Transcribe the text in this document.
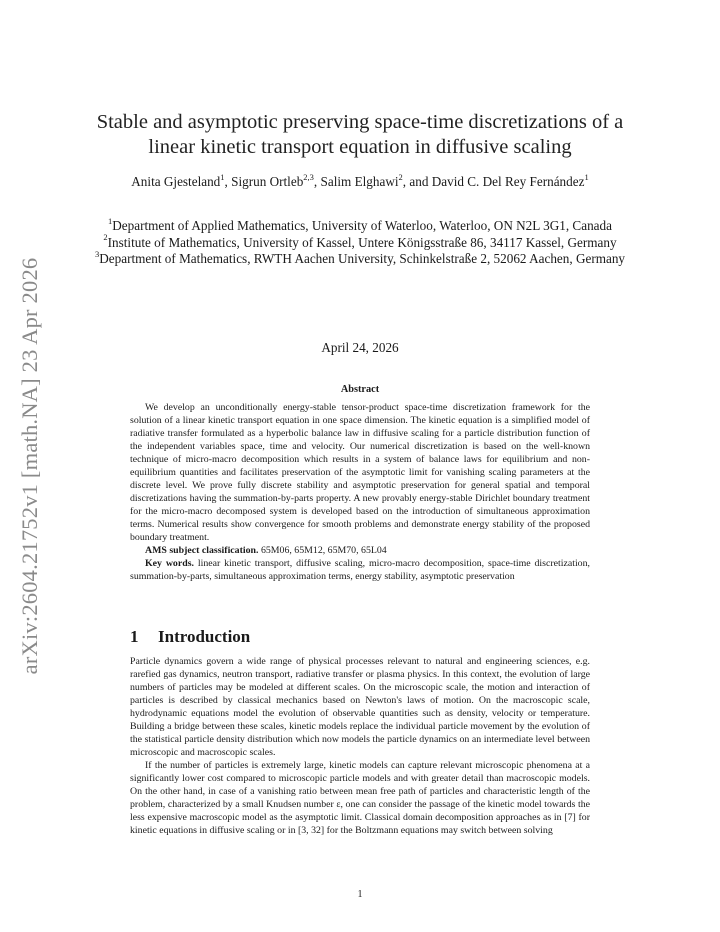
arXiv:2604.21752v1 [math.NA] 23 Apr 2026
Stable and asymptotic preserving space-time discretizations of a linear kinetic transport equation in diffusive scaling
Anita Gjesteland$^1$, Sigrun Ortleb$^{2,3}$, Salim Elghawi$^2$, and David C. Del Rey Fernández$^1$

$^1$Department of Applied Mathematics, University of Waterloo, Waterloo, ON N2L 3G1, Canada

$^2$Institute of Mathematics, University of Kassel, Untere Königsstraße 86, 34117 Kassel, Germany

$^3$Department of Mathematics, RWTH Aachen University, Schinkelstraße 2, 52062 Aachen, Germany

April 24, 2026
Abstract

We develop an unconditionally energy-stable tensor-product space-time discretization framework for the solution of a linear kinetic transport equation in one space dimension. The kinetic equation is a simplified model of radiative transfer formulated as a hyperbolic balance law in diffusive scaling for a particle distribution function of the independent variables space, time and velocity. Our numerical discretization is based on the well-known technique of micro-macro decomposition which results in a system of balance laws for equilibrium and non-equilibrium quantities and facilitates preservation of the asymptotic limit for vanishing scaling parameters at the discrete level. We prove fully discrete stability and asymptotic preservation for general spatial and temporal discretizations having the summation-by-parts property. A new provably energy-stable Dirichlet boundary treatment for the micro-macro decomposed system is developed based on the introduction of simultaneous approximation terms. Numerical results show convergence for smooth problems and demonstrate energy stability of the proposed boundary treatment.

AMS subject classification. 65M06, 65M12, 65M70, 65L04

Key words. linear kinetic transport, diffusive scaling, micro-macro decomposition, space-time discretization, summation-by-parts, simultaneous approximation terms, energy stability, asymptotic preservation

1 Introduction

Particle dynamics govern a wide range of physical processes relevant to natural and engineering sciences, e.g. rarefied gas dynamics, neutron transport, radiative transfer or plasma physics. In this context, the evolution of large numbers of particles may be modeled at different scales. On the microscopic scale, the motion and interaction of particles is described by classical mechanics based on Newton's laws of motion. On the macroscopic scale, hydrodynamic equations model the evolution of observable quantities such as density, velocity or temperature. Building a bridge between these scales, kinetic models replace the individual particle movement by the evolution of the statistical particle density distribution which now models the particle dynamics on an intermediate level between microscopic and macroscopic scales.

If the number of particles is extremely large, kinetic models can capture relevant microscopic phenomena at a significantly lower cost compared to microscopic particle models and with greater detail than macroscopic models. On the other hand, in case of a vanishing ratio between mean free path of particles and characteristic length of the problem, characterized by a small Knudsen number ε, one can consider the passage of the kinetic model towards the less expensive macroscopic model as the asymptotic limit. Classical domain decomposition approaches as in [7] for kinetic equations in diffusive scaling or in [3, 32] for the Boltzmann equations may switch between solving

1
